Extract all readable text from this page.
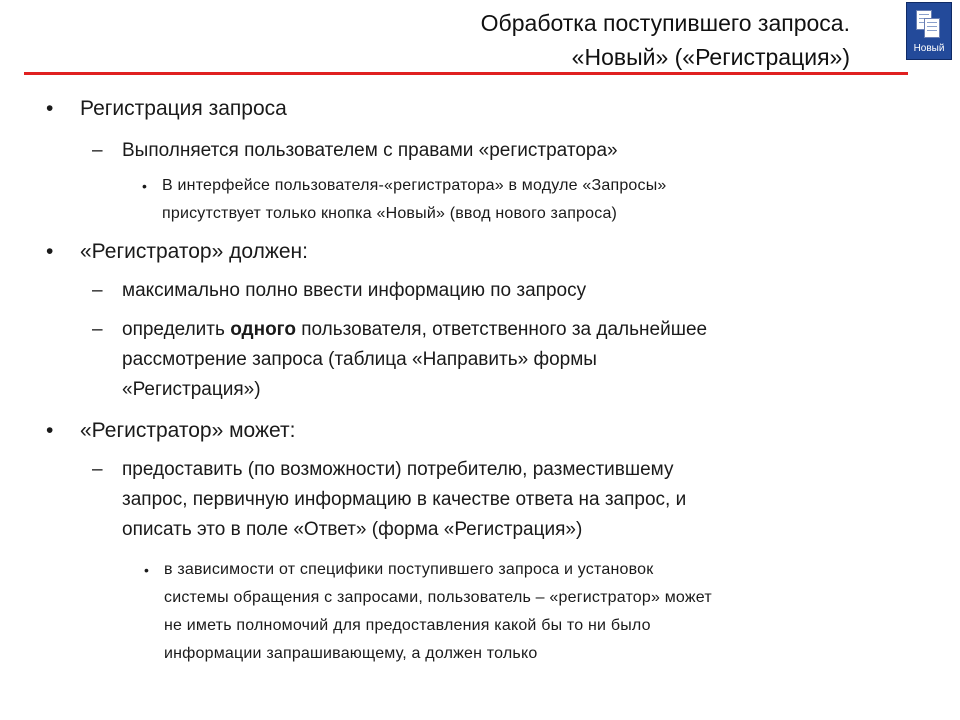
Обработка поступившего запроса.
«Новый» («Регистрация»)	Новый
• Регистрация запроса
– Выполняется пользователем с правами «регистратора»
• В интерфейсе пользователя-«регистратора» в модуле «Запросы»
присутствует только кнопка «Новый» (ввод нового запроса)
• «Регистратор» должен:
– максимально полно ввести информацию по запросу
– определить одного пользователя, ответственного за дальнейшее
рассмотрение запроса (таблица «Направить» формы
«Регистрация»)
• «Регистратор» может:
– предоставить (по возможности) потребителю, разместившему
запрос, первичную информацию в качестве ответа на запрос, и
описать это в поле «Ответ» (форма «Регистрация»)
• в зависимости от специфики поступившего запроса и установок
системы обращения с запросами, пользователь – «регистратор» может
не иметь полномочий для предоставления какой бы то ни было
информации запрашивающему, а должен только
